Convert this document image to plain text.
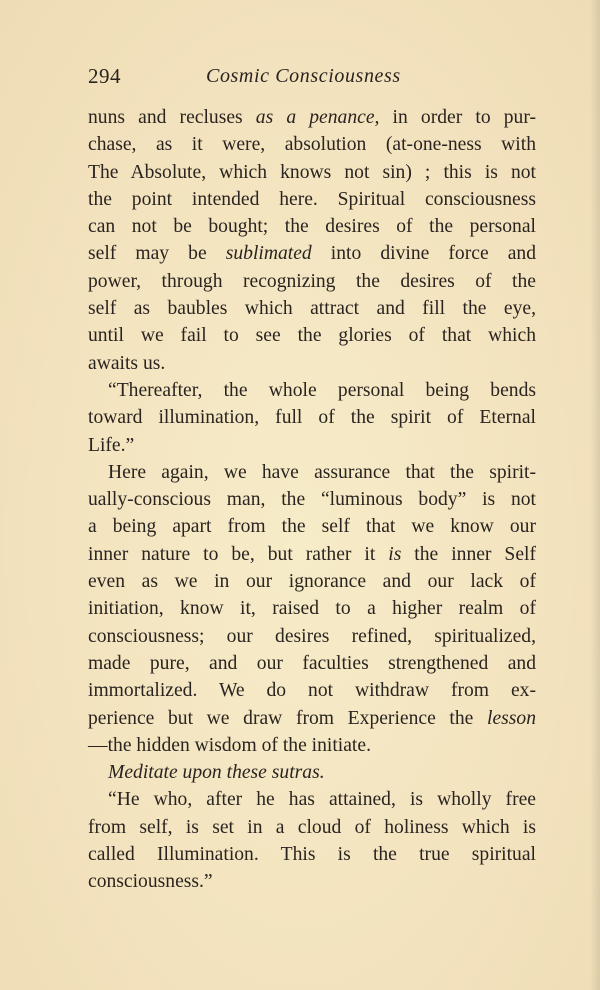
294	Cosmic Consciousness
nuns and recluses as a penance, in order to pur-
chase, as it were, absolution (at-one-ness with
The Absolute, which knows not sin) ; this is not
the point intended here. Spiritual consciousness
can not be bought; the desires of the personal
self may be sublimated into divine force and
power, through recognizing the desires of the
self as baubles which attract and fill the eye,
until we fail to see the glories of that which
awaits us.
“Thereafter, the whole personal being bends
toward illumination, full of the spirit of Eternal
Life.”
Here again, we have assurance that the spirit-
ually-conscious man, the “luminous body” is not
a being apart from the self that we know our
inner nature to be, but rather it is the inner Self
even as we in our ignorance and our lack of
initiation, know it, raised to a higher realm of
consciousness; our desires refined, spiritualized,
made pure, and our faculties strengthened and
immortalized. We do not withdraw from ex-
perience but we draw from Experience the lesson
—the hidden wisdom of the initiate.
Meditate upon these sutras.
“He who, after he has attained, is wholly free
from self, is set in a cloud of holiness which is
called Illumination. This is the true spiritual
consciousness.”
